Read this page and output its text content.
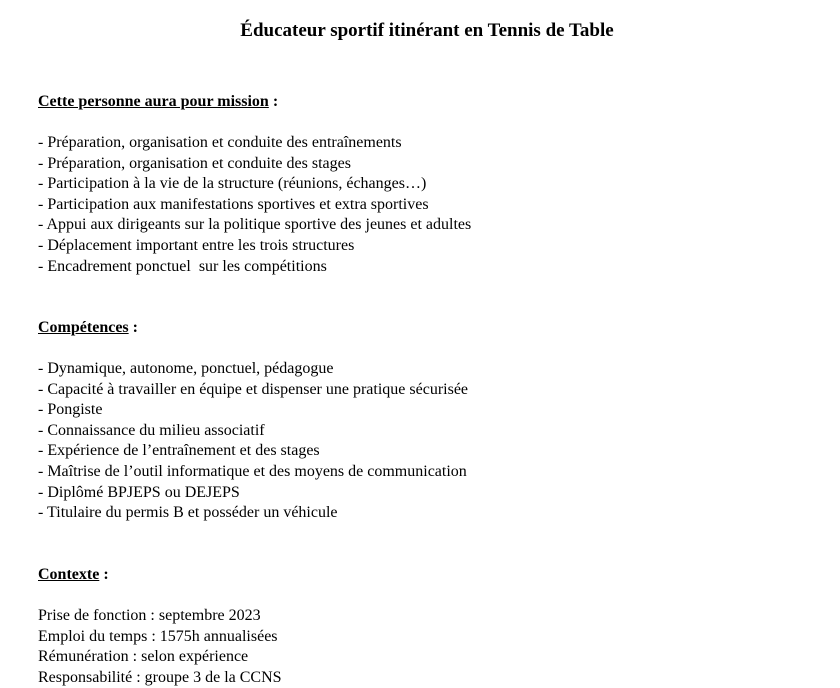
Éducateur sportif itinérant en Tennis de Table

Cette personne aura pour mission :

- Préparation, organisation et conduite des entraînements
- Préparation, organisation et conduite des stages
- Participation à la vie de la structure (réunions, échanges…)
- Participation aux manifestations sportives et extra sportives
- Appui aux dirigeants sur la politique sportive des jeunes et adultes
- Déplacement important entre les trois structures
- Encadrement ponctuel  sur les compétitions

Compétences :

- Dynamique, autonome, ponctuel, pédagogue
- Capacité à travailler en équipe et dispenser une pratique sécurisée
- Pongiste
- Connaissance du milieu associatif
- Expérience de l’entraînement et des stages
- Maîtrise de l’outil informatique et des moyens de communication
- Diplômé BPJEPS ou DEJEPS
- Titulaire du permis B et posséder un véhicule

Contexte :

Prise de fonction : septembre 2023
Emploi du temps : 1575h annualisées
Rémunération : selon expérience
Responsabilité : groupe 3 de la CCNS
